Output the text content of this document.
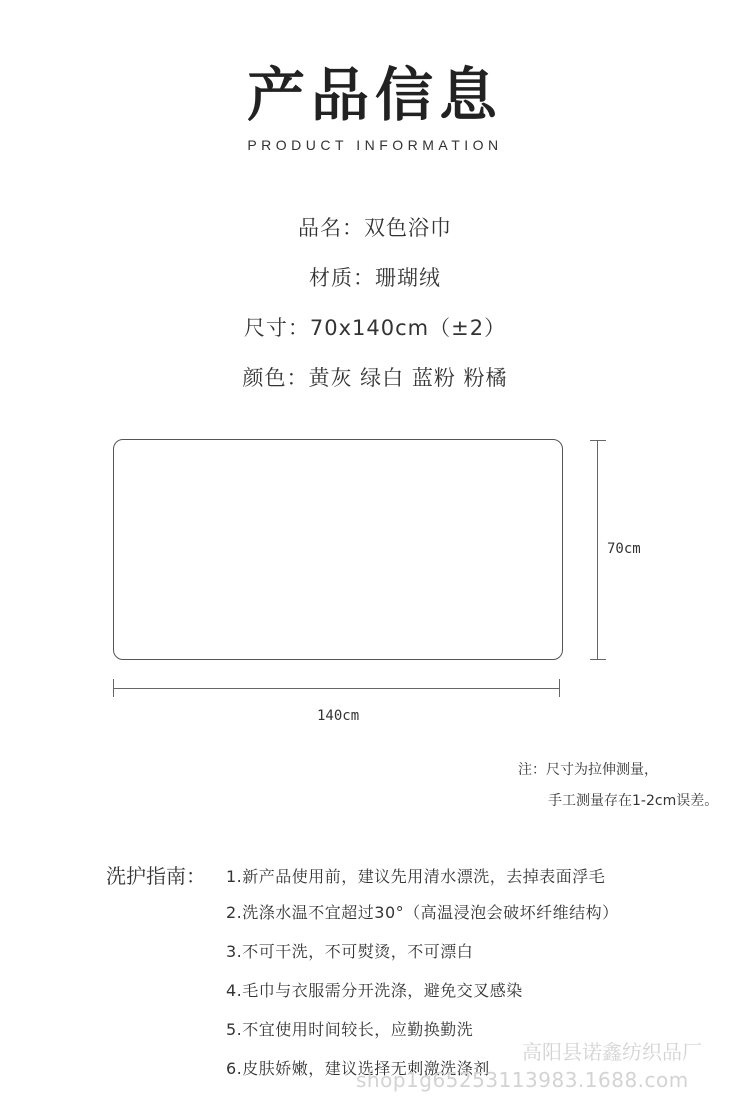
产品信息
PRODUCT INFORMATION
品名：双色浴巾
材质：珊瑚绒
尺寸：70x140cm（±2）
颜色：黄灰 绿白 蓝粉 粉橘
70cm
140cm
注：尺寸为拉伸测量，
手工测量存在1-2cm误差。
洗护指南： 1.新产品使用前，建议先用清水漂洗，去掉表面浮毛
2.洗涤水温不宜超过30°（高温浸泡会破坏纤维结构）
3.不可干洗，不可熨烫，不可漂白
4.毛巾与衣服需分开洗涤，避免交叉感染
5.不宜使用时间较长，应勤换勤洗
6.皮肤娇嫩，建议选择无刺激洗涤剂
高阳县诺鑫纺织品厂
shop1g65253113983.1688.com
